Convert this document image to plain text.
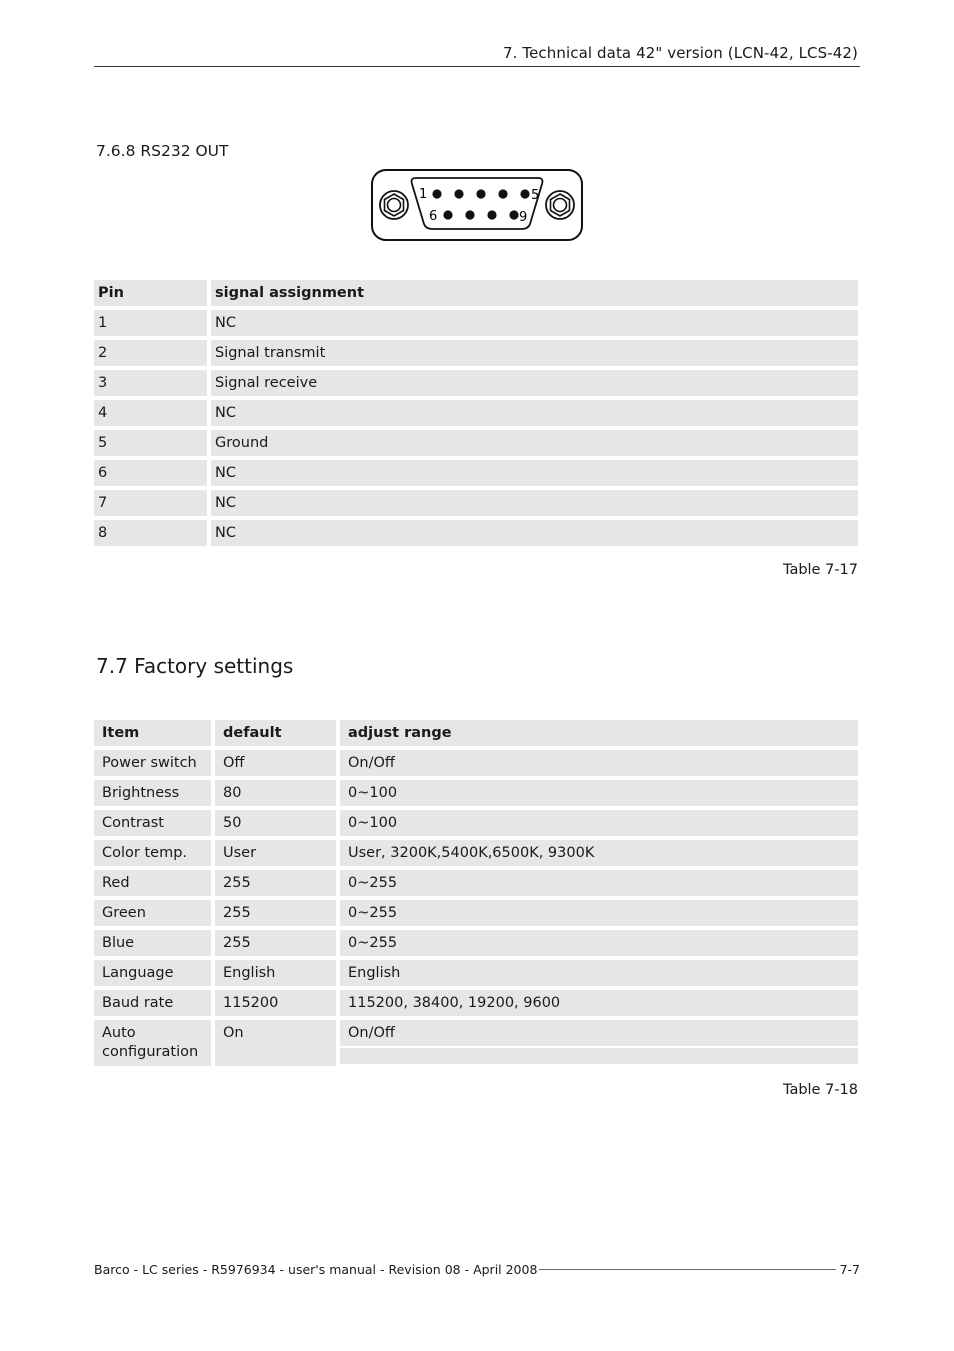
7. Technical data 42" version (LCN-42, LCS-42)
7.6.8 RS232 OUT
1	5
6	9
Pin		signal assignment
1		NC
2		Signal transmit
3		Signal receive
4		NC
5		Ground
6		NC
7		NC
8		NC
Table 7-17
7.7 Factory settings
Item		default		adjust range
Power switch		Off		On/Off
Brightness		80		0~100
Contrast		50		0~100
Color temp.		User		User, 3200K,5400K,6500K, 9300K
Red		255		0~255
Green		255		0~255
Blue		255		0~255
Language		English		English
Baud rate		115200		115200, 38400, 19200, 9600
Auto configuration		On		On/Off
Table 7-18
Barco - LC series - R5976934 - user's manual - Revision 08 - April 2008	7-7
